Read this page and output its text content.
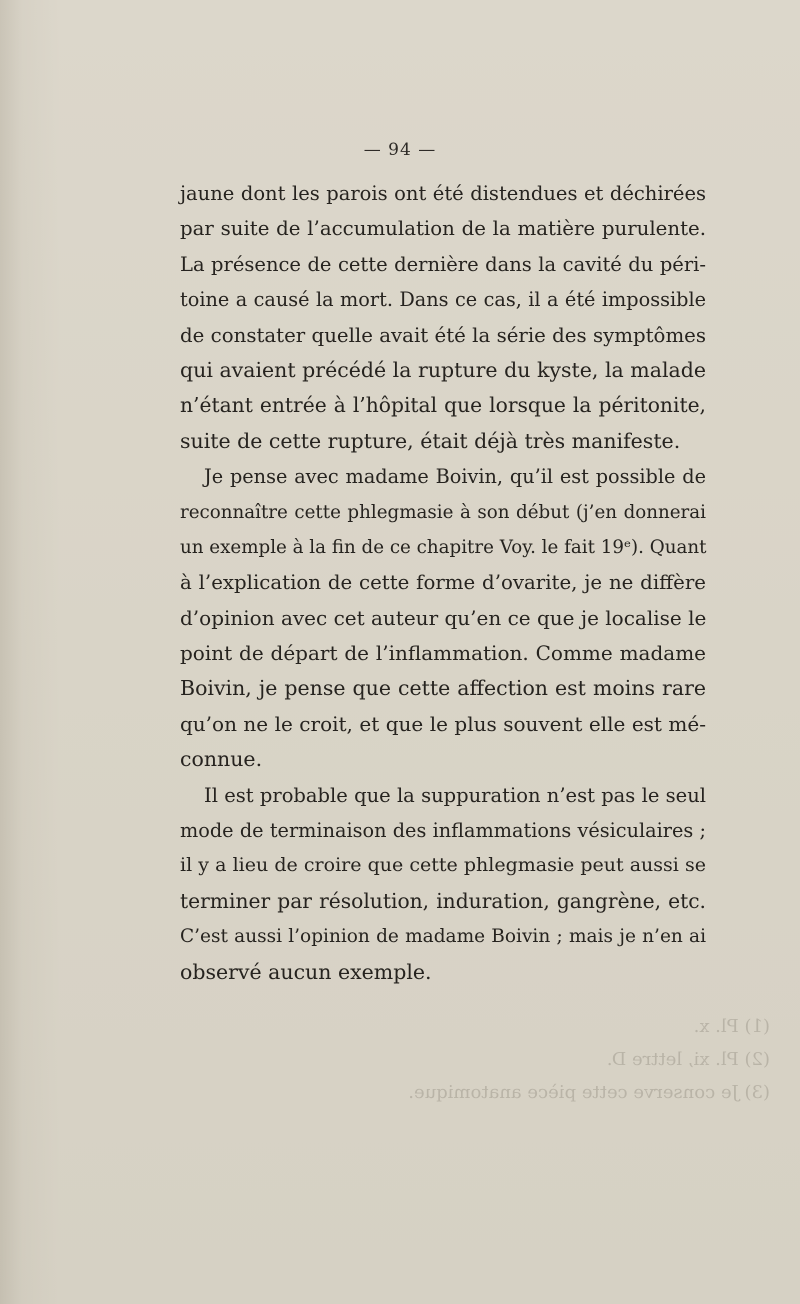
(1) Pl. x.
(2) Pl. xi, lettre D.
(3) Je conserve cette pièce anatomique.
— 94 —
jaune dont les parois ont été distendues et déchirées
par suite de l’accumulation de la matière purulente.
La présence de cette dernière dans la cavité du péri-
toine a causé la mort. Dans ce cas, il a été impossible
de constater quelle avait été la série des symptômes
qui avaient précédé la rupture du kyste, la malade
n’étant entrée à l’hôpital que lorsque la péritonite,
suite de cette rupture, était déjà très manifeste.
Je pense avec madame Boivin, qu’il est possible de
reconnaître cette phlegmasie à son début (j’en donnerai
un exemple à la fin de ce chapitre Voy. le fait 19ᵉ). Quant
à l’explication de cette forme d’ovarite, je ne diffère
d’opinion avec cet auteur qu’en ce que je localise le
point de départ de l’inflammation. Comme madame
Boivin, je pense que cette affection est moins rare
qu’on ne le croit, et que le plus souvent elle est mé-
connue.
Il est probable que la suppuration n’est pas le seul
mode de terminaison des inflammations vésiculaires ;
il y a lieu de croire que cette phlegmasie peut aussi se
terminer par résolution, induration, gangrène, etc.
C’est aussi l’opinion de madame Boivin ; mais je n’en ai
observé aucun exemple.
